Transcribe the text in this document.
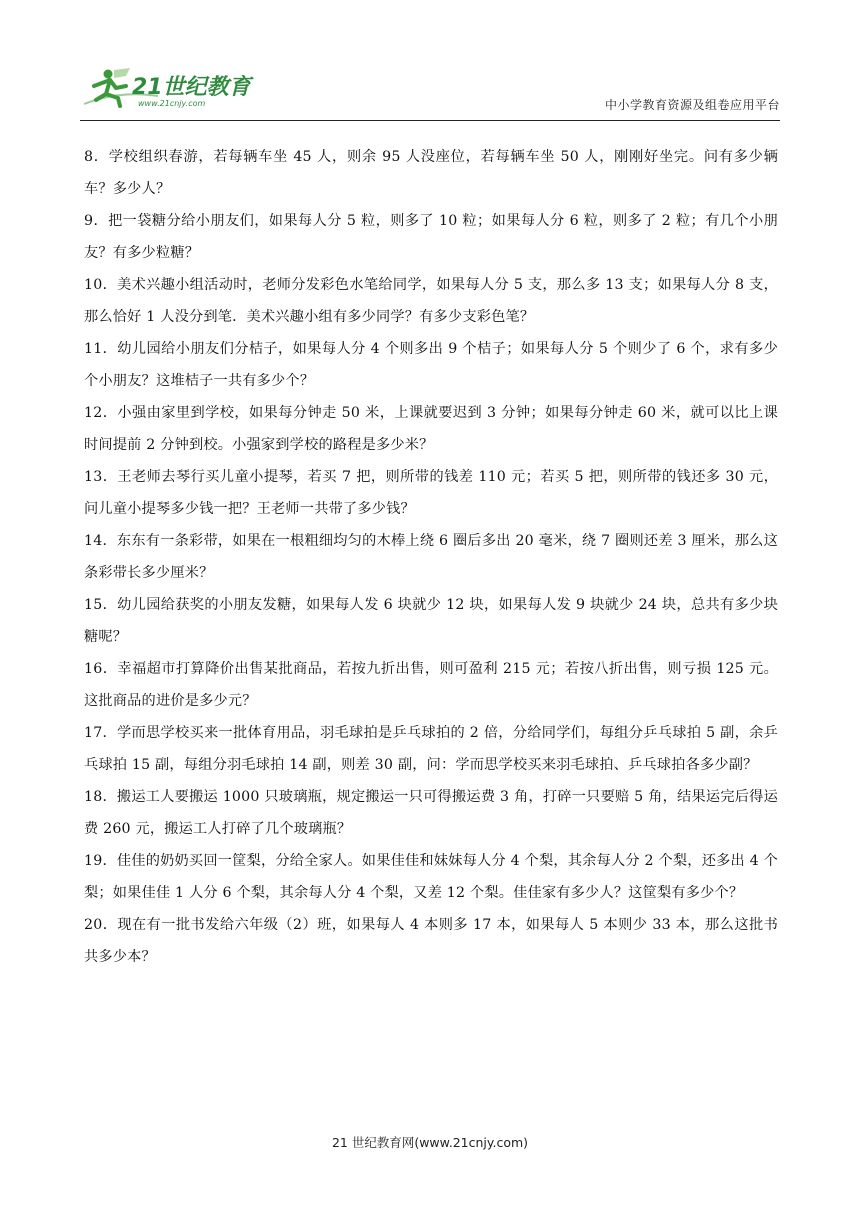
21世纪教育
www.21cnjy.com	中小学教育资源及组卷应用平台

8．学校组织春游，若每辆车坐 45 人，则余 95 人没座位，若每辆车坐 50 人，刚刚好坐完。问有多少辆车？多少人？

9．把一袋糖分给小朋友们，如果每人分 5 粒，则多了 10 粒；如果每人分 6 粒，则多了 2 粒；有几个小朋友？有多少粒糖？

10．美术兴趣小组活动时，老师分发彩色水笔给同学，如果每人分 5 支，那么多 13 支；如果每人分 8 支，那么恰好 1 人没分到笔．美术兴趣小组有多少同学？有多少支彩色笔？

11．幼儿园给小朋友们分桔子，如果每人分 4 个则多出 9 个桔子；如果每人分 5 个则少了 6 个，求有多少个小朋友？这堆桔子一共有多少个？

12．小强由家里到学校，如果每分钟走 50 米，上课就要迟到 3 分钟；如果每分钟走 60 米，就可以比上课时间提前 2 分钟到校。小强家到学校的路程是多少米？

13．王老师去琴行买儿童小提琴，若买 7 把，则所带的钱差 110 元；若买 5 把，则所带的钱还多 30 元，问儿童小提琴多少钱一把？王老师一共带了多少钱？

14．东东有一条彩带，如果在一根粗细均匀的木棒上绕 6 圈后多出 20 毫米，绕 7 圈则还差 3 厘米，那么这条彩带长多少厘米？

15．幼儿园给获奖的小朋友发糖，如果每人发 6 块就少 12 块，如果每人发 9 块就少 24 块，总共有多少块糖呢？

16．幸福超市打算降价出售某批商品，若按九折出售，则可盈利 215 元；若按八折出售，则亏损 125 元。这批商品的进价是多少元？

17．学而思学校买来一批体育用品，羽毛球拍是乒乓球拍的 2 倍，分给同学们，每组分乒乓球拍 5 副，余乒乓球拍 15 副，每组分羽毛球拍 14 副，则差 30 副，问：学而思学校买来羽毛球拍、乒乓球拍各多少副？

18．搬运工人要搬运 1000 只玻璃瓶，规定搬运一只可得搬运费 3 角，打碎一只要赔 5 角，结果运完后得运费 260 元，搬运工人打碎了几个玻璃瓶？

19．佳佳的奶奶买回一筐梨，分给全家人。如果佳佳和妹妹每人分 4 个梨，其余每人分 2 个梨，还多出 4 个梨；如果佳佳 1 人分 6 个梨，其余每人分 4 个梨，又差 12 个梨。佳佳家有多少人？这筐梨有多少个？

20．现在有一批书发给六年级（2）班，如果每人 4 本则多 17 本，如果每人 5 本则少 33 本，那么这批书共多少本？

21 世纪教育网(www.21cnjy.com)
